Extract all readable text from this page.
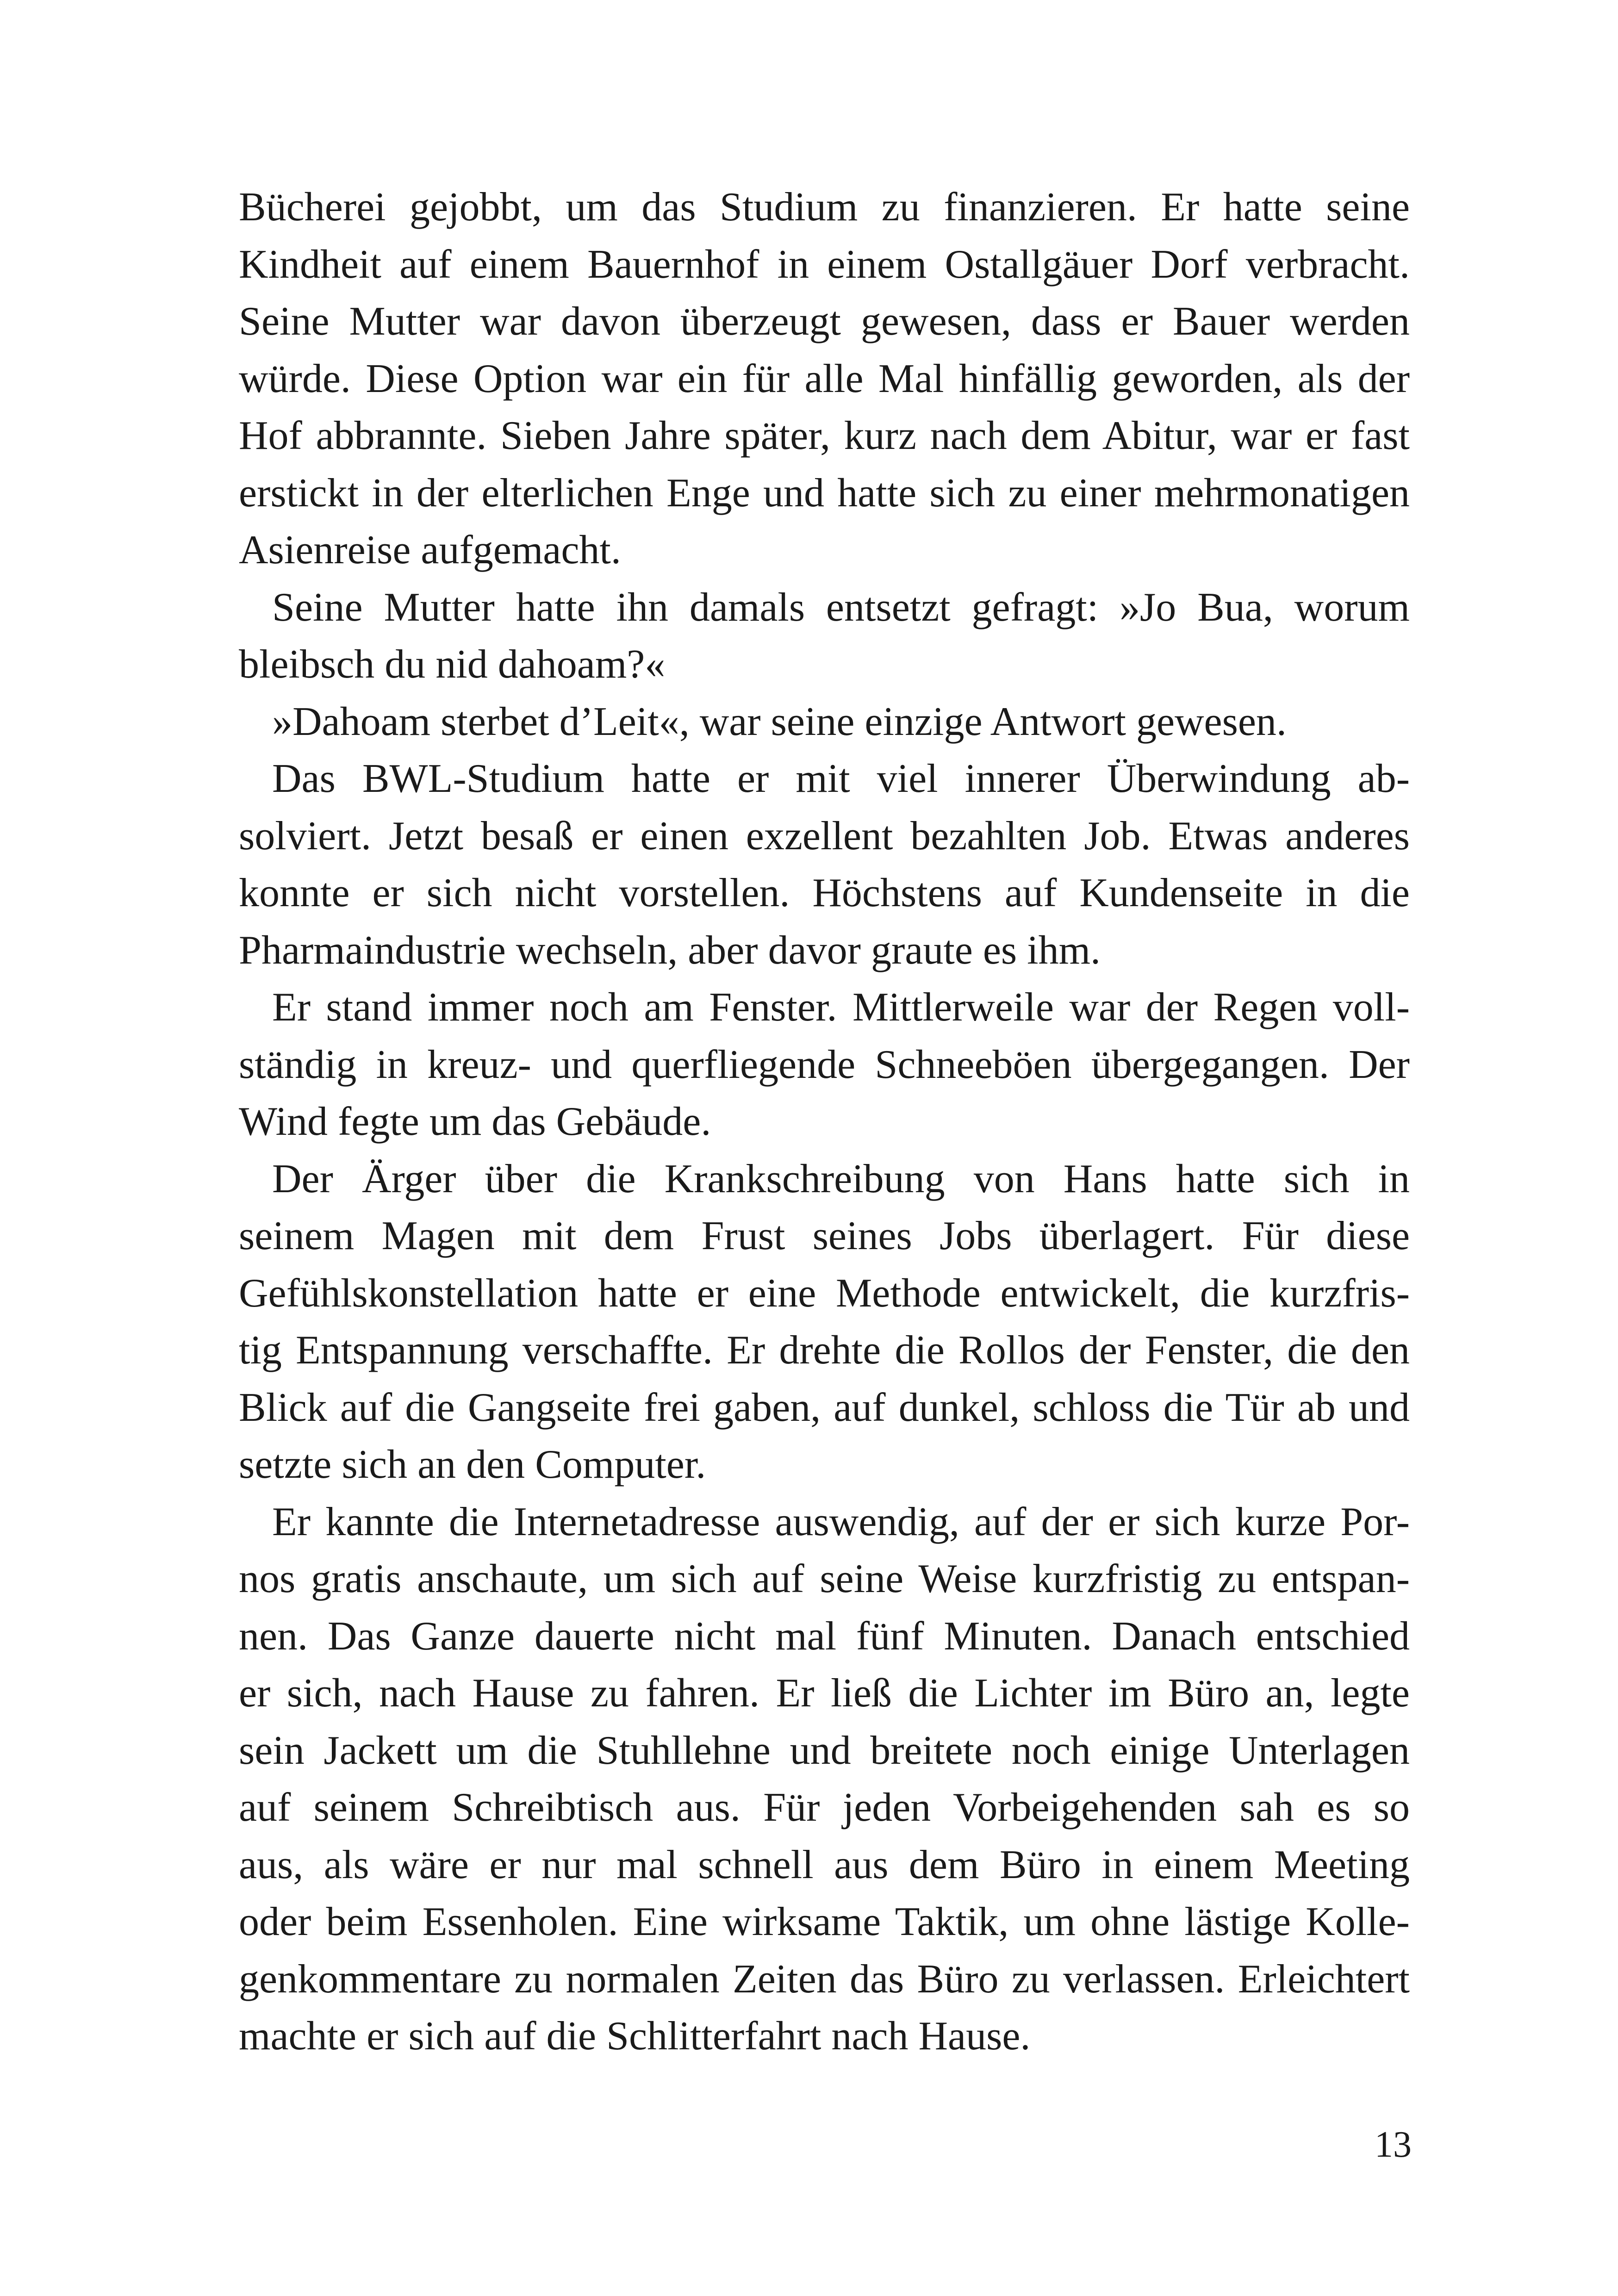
Bücherei gejobbt, um das Studium zu finanzieren. Er hatte seine
Kindheit auf einem Bauernhof in einem Ostallgäuer Dorf verbracht.
Seine Mutter war davon überzeugt gewesen, dass er Bauer werden
würde. Diese Option war ein für alle Mal hinfällig geworden, als der
Hof abbrannte. Sieben Jahre später, kurz nach dem Abitur, war er fast
erstickt in der elterlichen Enge und hatte sich zu einer mehrmonatigen
Asienreise aufgemacht.
Seine Mutter hatte ihn damals entsetzt gefragt: »Jo Bua, worum
bleibsch du nid dahoam?«
»Dahoam sterbet d’Leit«, war seine einzige Antwort gewesen.
Das BWL-Studium hatte er mit viel innerer Überwindung ab-
solviert. Jetzt besaß er einen exzellent bezahlten Job. Etwas anderes
konnte er sich nicht vorstellen. Höchstens auf Kundenseite in die
Pharmaindustrie wechseln, aber davor graute es ihm.
Er stand immer noch am Fenster. Mittlerweile war der Regen voll-
ständig in kreuz- und querfliegende Schneeböen übergegangen. Der
Wind fegte um das Gebäude.
Der Ärger über die Krankschreibung von Hans hatte sich in
seinem Magen mit dem Frust seines Jobs überlagert. Für diese
Gefühlskonstellation hatte er eine Methode entwickelt, die kurzfris-
tig Entspannung verschaffte. Er drehte die Rollos der Fenster, die den
Blick auf die Gangseite frei gaben, auf dunkel, schloss die Tür ab und
setzte sich an den Computer.
Er kannte die Internetadresse auswendig, auf der er sich kurze Por-
nos gratis anschaute, um sich auf seine Weise kurzfristig zu entspan-
nen. Das Ganze dauerte nicht mal fünf Minuten. Danach entschied
er sich, nach Hause zu fahren. Er ließ die Lichter im Büro an, legte
sein Jackett um die Stuhllehne und breitete noch einige Unterlagen
auf seinem Schreibtisch aus. Für jeden Vorbeigehenden sah es so
aus, als wäre er nur mal schnell aus dem Büro in einem Meeting
oder beim Essenholen. Eine wirksame Taktik, um ohne lästige Kolle-
genkommentare zu normalen Zeiten das Büro zu verlassen. Erleichtert
machte er sich auf die Schlitterfahrt nach Hause.
13
